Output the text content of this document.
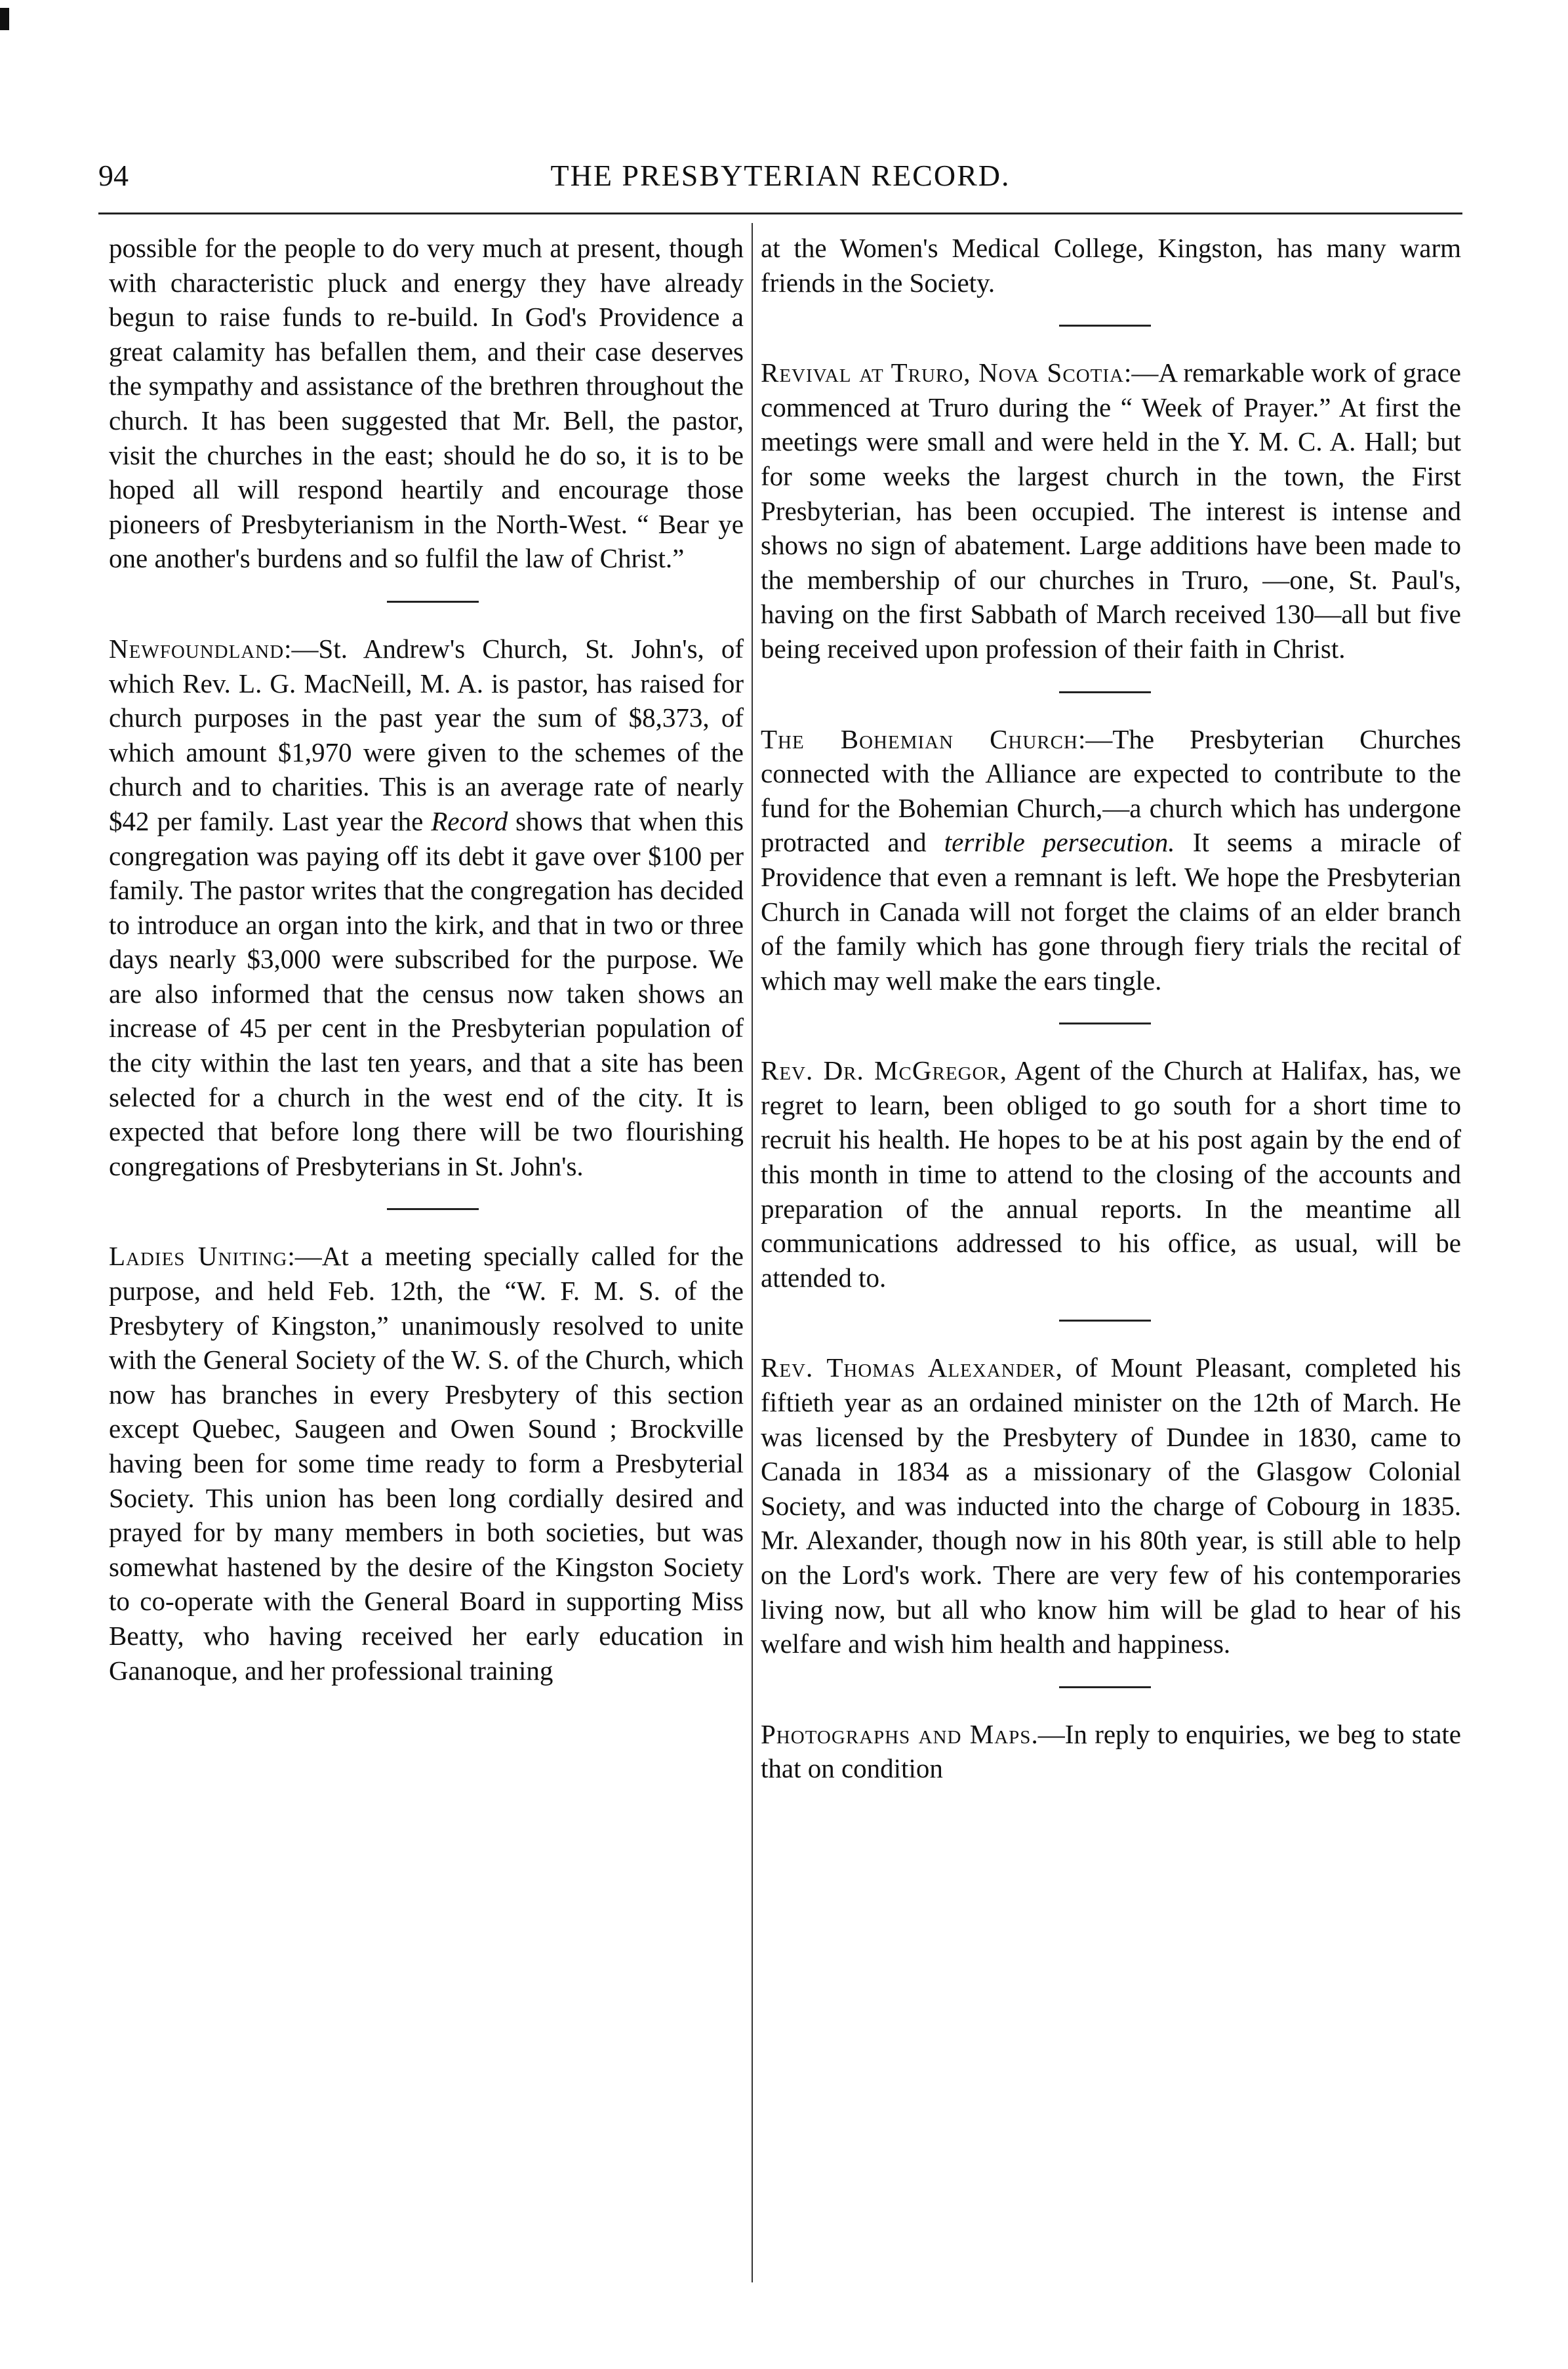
94	THE PRESBYTERIAN RECORD.

possible for the people to do very much at present, though with characteristic pluck and energy they have already begun to raise funds to re-build. In God's Providence a great calamity has befallen them, and their case deserves the sympathy and assistance of the brethren throughout the church. It has been suggested that Mr. Bell, the pastor, visit the churches in the east; should he do so, it is to be hoped all will respond heartily and encourage those pioneers of Presbyterianism in the North-West. “ Bear ye one another's burdens and so fulfil the law of Christ.”

Newfoundland:—St. Andrew's Church, St. John's, of which Rev. L. G. MacNeill, M. A. is pastor, has raised for church purposes in the past year the sum of $8,373, of which amount $1,970 were given to the schemes of the church and to charities. This is an average rate of nearly $42 per family. Last year the Record shows that when this congregation was paying off its debt it gave over $100 per family. The pastor writes that the congregation has decided to introduce an organ into the kirk, and that in two or three days nearly $3,000 were subscribed for the purpose. We are also informed that the census now taken shows an increase of 45 per cent in the Presbyterian population of the city within the last ten years, and that a site has been selected for a church in the west end of the city. It is expected that before long there will be two flourishing congregations of Presbyterians in St. John's.

Ladies Uniting:—At a meeting specially called for the purpose, and held Feb. 12th, the “W. F. M. S. of the Presbytery of Kingston,” unanimously resolved to unite with the General Society of the W. S. of the Church, which now has branches in every Presbytery of this section except Quebec, Saugeen and Owen Sound ; Brockville having been for some time ready to form a Presbyterial Society. This union has been long cordially desired and prayed for by many members in both societies, but was somewhat hastened by the desire of the Kingston Society to co-operate with the General Board in supporting Miss Beatty, who having received her early education in Gananoque, and her professional training

at the Women's Medical College, Kingston, has many warm friends in the Society.

Revival at Truro, Nova Scotia:—A remarkable work of grace commenced at Truro during the “ Week of Prayer.” At first the meetings were small and were held in the Y. M. C. A. Hall; but for some weeks the largest church in the town, the First Presbyterian, has been occupied. The interest is intense and shows no sign of abatement. Large additions have been made to the membership of our churches in Truro, —one, St. Paul's, having on the first Sabbath of March received 130—all but five being received upon profession of their faith in Christ.

The Bohemian Church:—The Presbyterian Churches connected with the Alliance are expected to contribute to the fund for the Bohemian Church,—a church which has undergone protracted and terrible persecution. It seems a miracle of Providence that even a remnant is left. We hope the Presbyterian Church in Canada will not forget the claims of an elder branch of the family which has gone through fiery trials the recital of which may well make the ears tingle.

Rev. Dr. McGregor, Agent of the Church at Halifax, has, we regret to learn, been obliged to go south for a short time to recruit his health. He hopes to be at his post again by the end of this month in time to attend to the closing of the accounts and preparation of the annual reports. In the meantime all communications addressed to his office, as usual, will be attended to.

Rev. Thomas Alexander, of Mount Pleasant, completed his fiftieth year as an ordained minister on the 12th of March. He was licensed by the Presbytery of Dundee in 1830, came to Canada in 1834 as a missionary of the Glasgow Colonial Society, and was inducted into the charge of Cobourg in 1835. Mr. Alexander, though now in his 80th year, is still able to help on the Lord's work. There are very few of his contemporaries living now, but all who know him will be glad to hear of his welfare and wish him health and happiness.

Photographs and Maps.—In reply to enquiries, we beg to state that on condition
